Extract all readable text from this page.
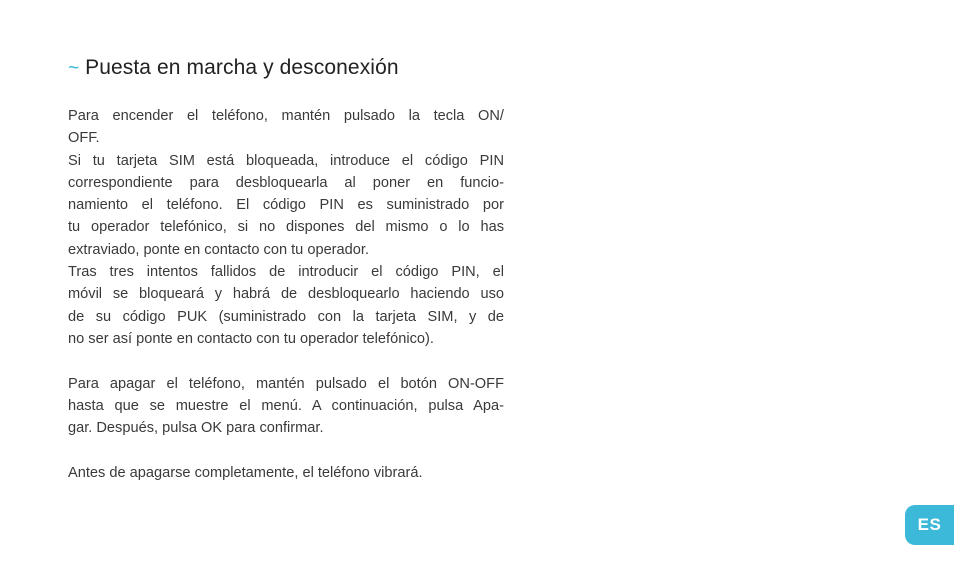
~ Puesta en marcha y desconexión
Para encender el teléfono, mantén pulsado la tecla ON/
OFF.
Si tu tarjeta SIM está bloqueada, introduce el código PIN
correspondiente para desbloquearla al poner en funcio-
namiento el teléfono. El código PIN es suministrado por
tu operador telefónico, si no dispones del mismo o lo has
extraviado, ponte en contacto con tu operador.
Tras tres intentos fallidos de introducir el código PIN, el
móvil se bloqueará y habrá de desbloquearlo haciendo uso
de su código PUK (suministrado con la tarjeta SIM, y de
no ser así ponte en contacto con tu operador telefónico).
Para apagar el teléfono, mantén pulsado el botón ON-OFF
hasta que se muestre el menú. A continuación, pulsa Apa-
gar. Después, pulsa OK para confirmar.
Antes de apagarse completamente, el teléfono vibrará.
ES
